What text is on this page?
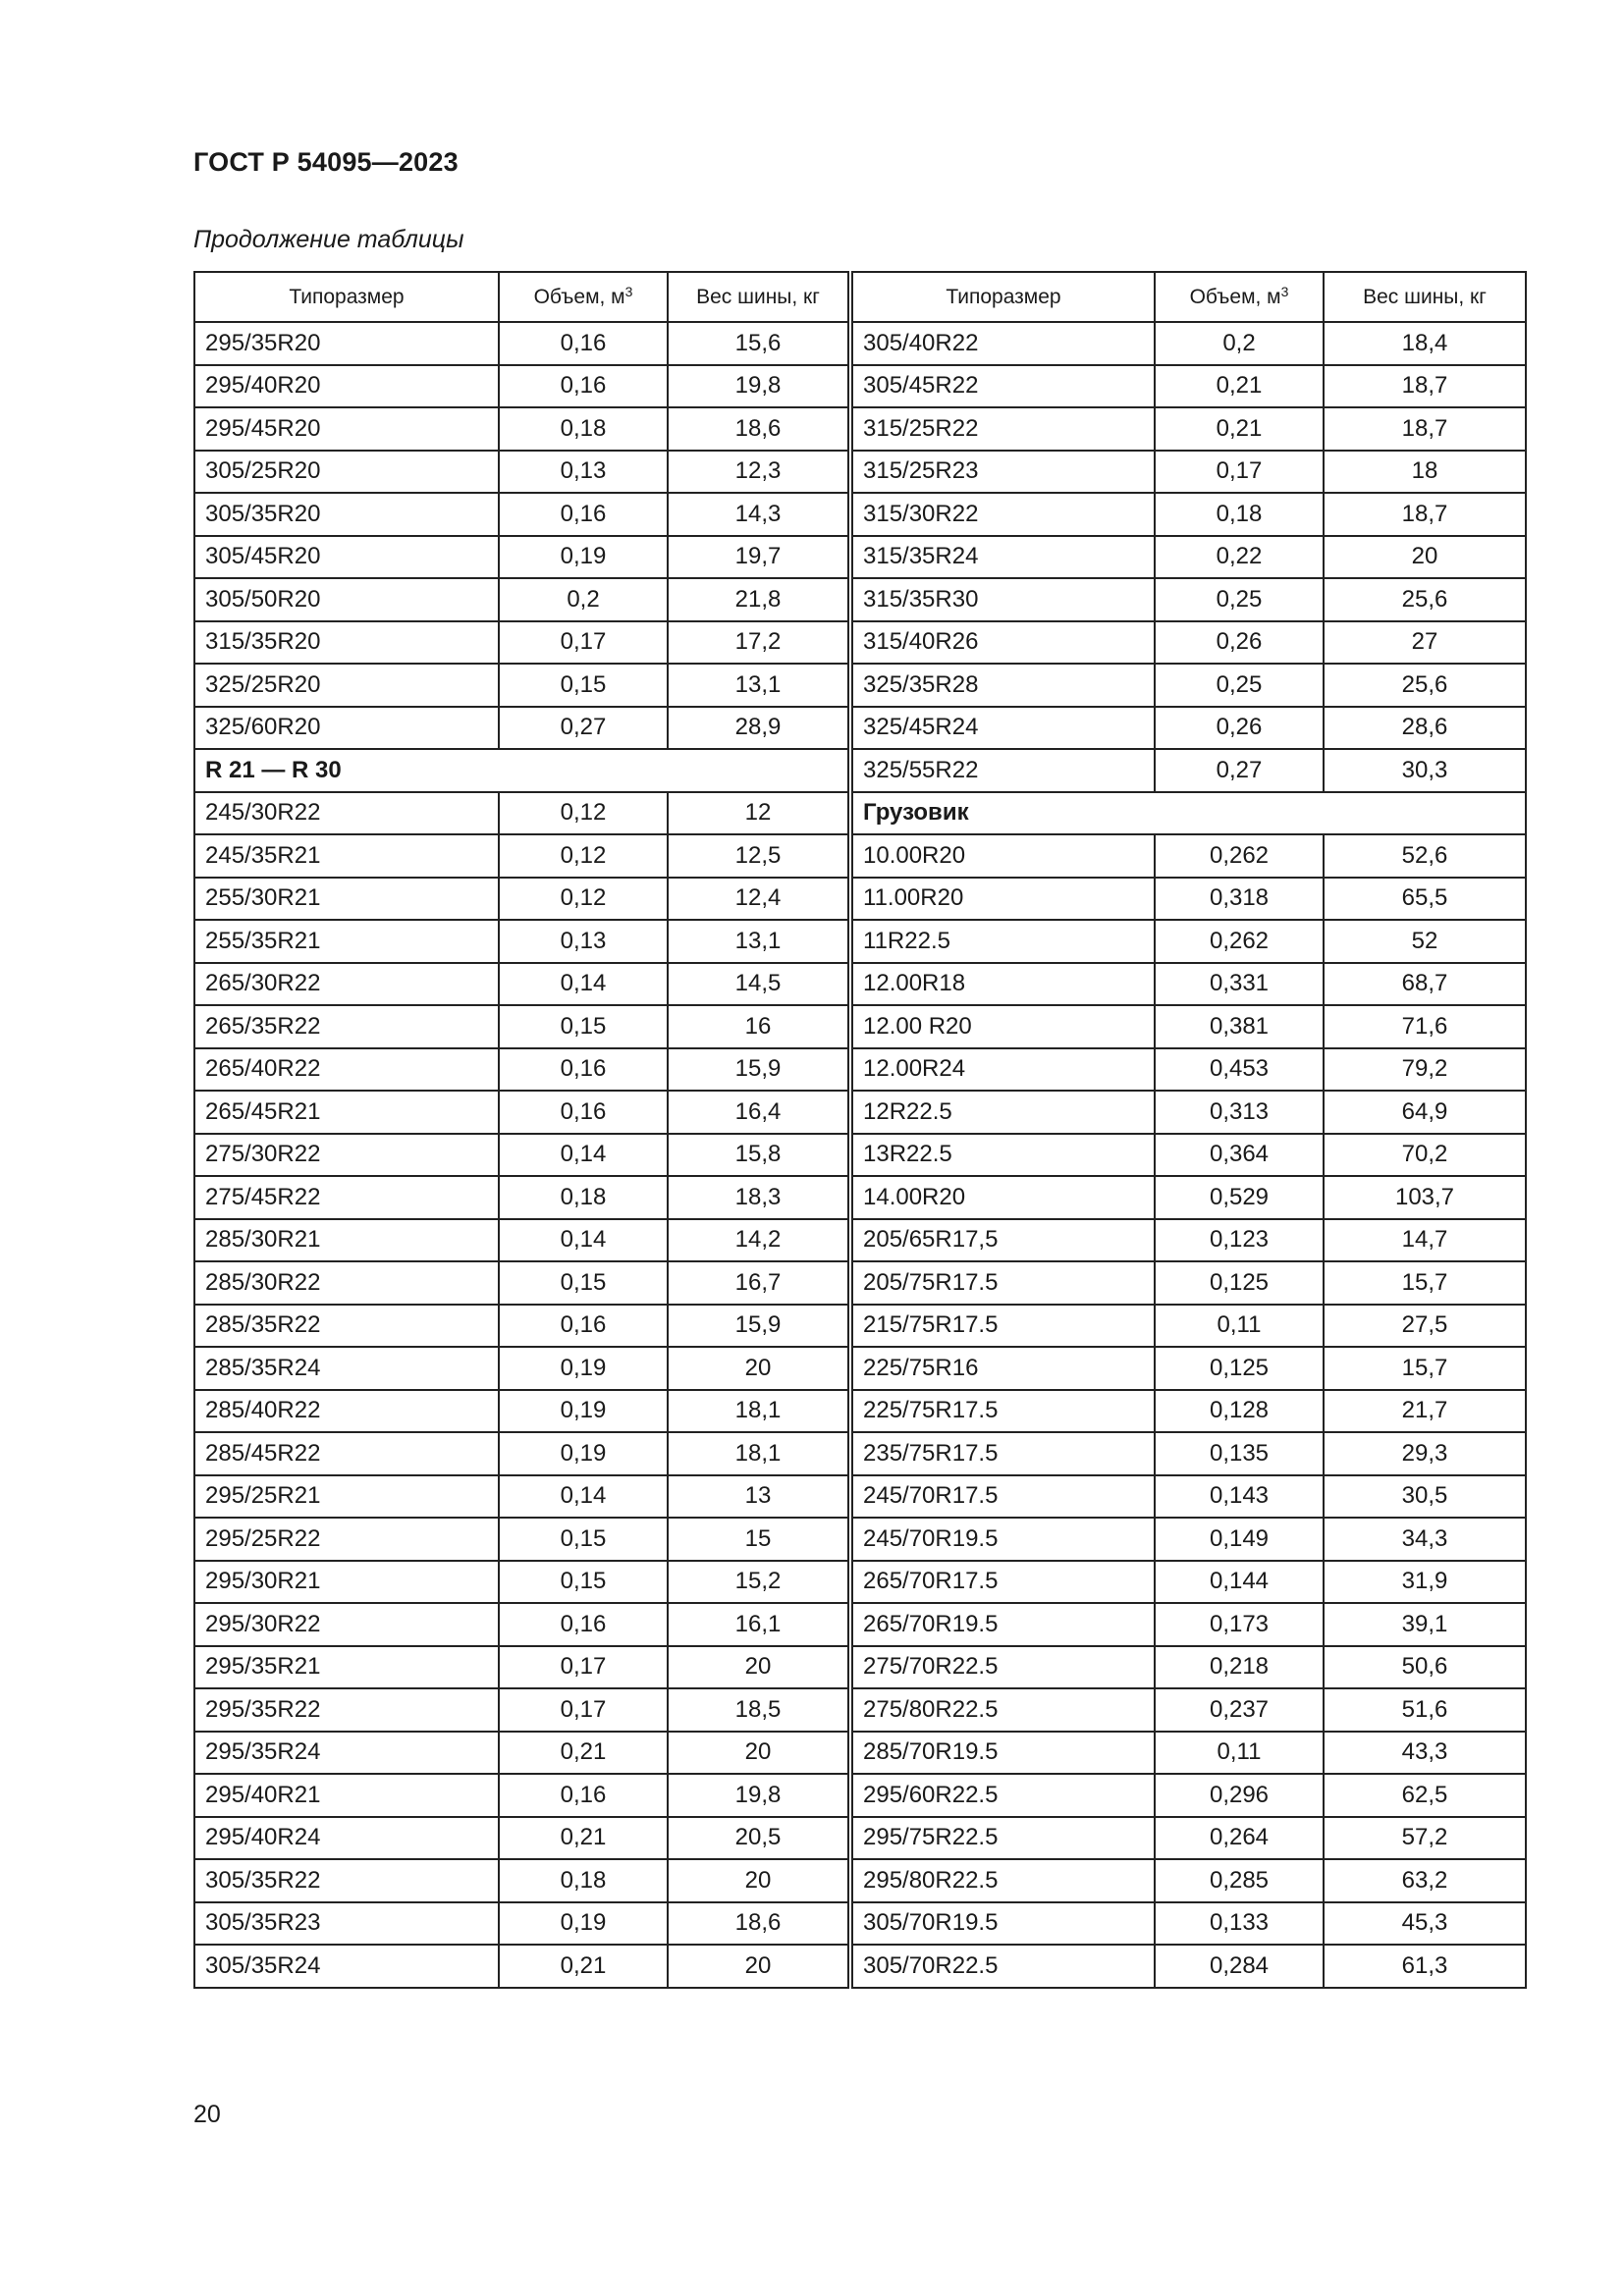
ГОСТ Р 54095—2023
Продолжение таблицы
Типоразмер	Объем, $м^3$	Вес шины, кг	Типоразмер	Объем, $м^3$	Вес шины, кг
295/35R20	0,16	15,6	305/40R22	0,2	18,4
295/40R20	0,16	19,8	305/45R22	0,21	18,7
295/45R20	0,18	18,6	315/25R22	0,21	18,7
305/25R20	0,13	12,3	315/25R23	0,17	18
305/35R20	0,16	14,3	315/30R22	0,18	18,7
305/45R20	0,19	19,7	315/35R24	0,22	20
305/50R20	0,2	21,8	315/35R30	0,25	25,6
315/35R20	0,17	17,2	315/40R26	0,26	27
325/25R20	0,15	13,1	325/35R28	0,25	25,6
325/60R20	0,27	28,9	325/45R24	0,26	28,6
R 21 — R 30			325/55R22	0,27	30,3
245/30R22	0,12	12	Грузовик		
245/35R21	0,12	12,5	10.00R20	0,262	52,6
255/30R21	0,12	12,4	11.00R20	0,318	65,5
255/35R21	0,13	13,1	11R22.5	0,262	52
265/30R22	0,14	14,5	12.00R18	0,331	68,7
265/35R22	0,15	16	12.00 R20	0,381	71,6
265/40R22	0,16	15,9	12.00R24	0,453	79,2
265/45R21	0,16	16,4	12R22.5	0,313	64,9
275/30R22	0,14	15,8	13R22.5	0,364	70,2
275/45R22	0,18	18,3	14.00R20	0,529	103,7
285/30R21	0,14	14,2	205/65R17,5	0,123	14,7
285/30R22	0,15	16,7	205/75R17.5	0,125	15,7
285/35R22	0,16	15,9	215/75R17.5	0,11	27,5
285/35R24	0,19	20	225/75R16	0,125	15,7
285/40R22	0,19	18,1	225/75R17.5	0,128	21,7
285/45R22	0,19	18,1	235/75R17.5	0,135	29,3
295/25R21	0,14	13	245/70R17.5	0,143	30,5
295/25R22	0,15	15	245/70R19.5	0,149	34,3
295/30R21	0,15	15,2	265/70R17.5	0,144	31,9
295/30R22	0,16	16,1	265/70R19.5	0,173	39,1
295/35R21	0,17	20	275/70R22.5	0,218	50,6
295/35R22	0,17	18,5	275/80R22.5	0,237	51,6
295/35R24	0,21	20	285/70R19.5	0,11	43,3
295/40R21	0,16	19,8	295/60R22.5	0,296	62,5
295/40R24	0,21	20,5	295/75R22.5	0,264	57,2
305/35R22	0,18	20	295/80R22.5	0,285	63,2
305/35R23	0,19	18,6	305/70R19.5	0,133	45,3
305/35R24	0,21	20	305/70R22.5	0,284	61,3
20
